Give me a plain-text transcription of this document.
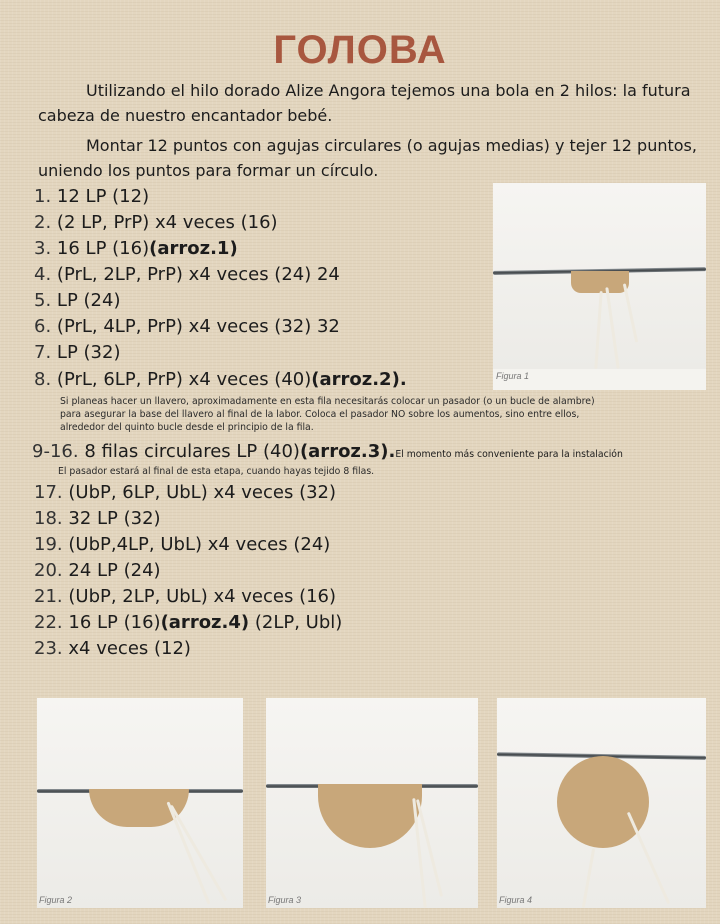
ГОЛОВА
Utilizando el hilo dorado Alize Angora tejemos una bola en 2 hilos: la futura cabeza de nuestro encantador bebé.
Montar 12 puntos con agujas circulares (o agujas medias) y tejer 12 puntos, uniendo los puntos para formar un círculo.
Figura 1
1. 12 LP (12)
2. (2 LP, PrP) x4 veces (16)
3. 16 LP (16)(arroz.1)
4. (PrL, 2LP, PrP) x4 veces (24) 24
5. LP (24)
6. (PrL, 4LP, PrP) x4 veces (32) 32
7. LP (32)
8. (PrL, 6LP, PrP) x4 veces (40)(arroz.2).
9-16. 8 filas circulares LP (40)(arroz.3).El momento más conveniente para la instalación
17. (UbP, 6LP, UbL) x4 veces (32)
18. 32 LP (32)
19. (UbP,4LP, UbL) x4 veces (24)
20. 24 LP (24)
21. (UbP, 2LP, UbL) x4 veces (16)
22. 16 LP (16)(arroz.4) (2LP, Ubl)
23. x4 veces (12)
Si planeas hacer un llavero, aproximadamente en esta fila necesitarás colocar un pasador (o un bucle de alambre)
para asegurar la base del llavero al final de la labor. Coloca el pasador NO sobre los aumentos, sino entre ellos,
alrededor del quinto bucle desde el principio de la fila.
El pasador estará al final de esta etapa, cuando hayas tejido 8 filas.
Figura 2	Figura 3	Figura 4
